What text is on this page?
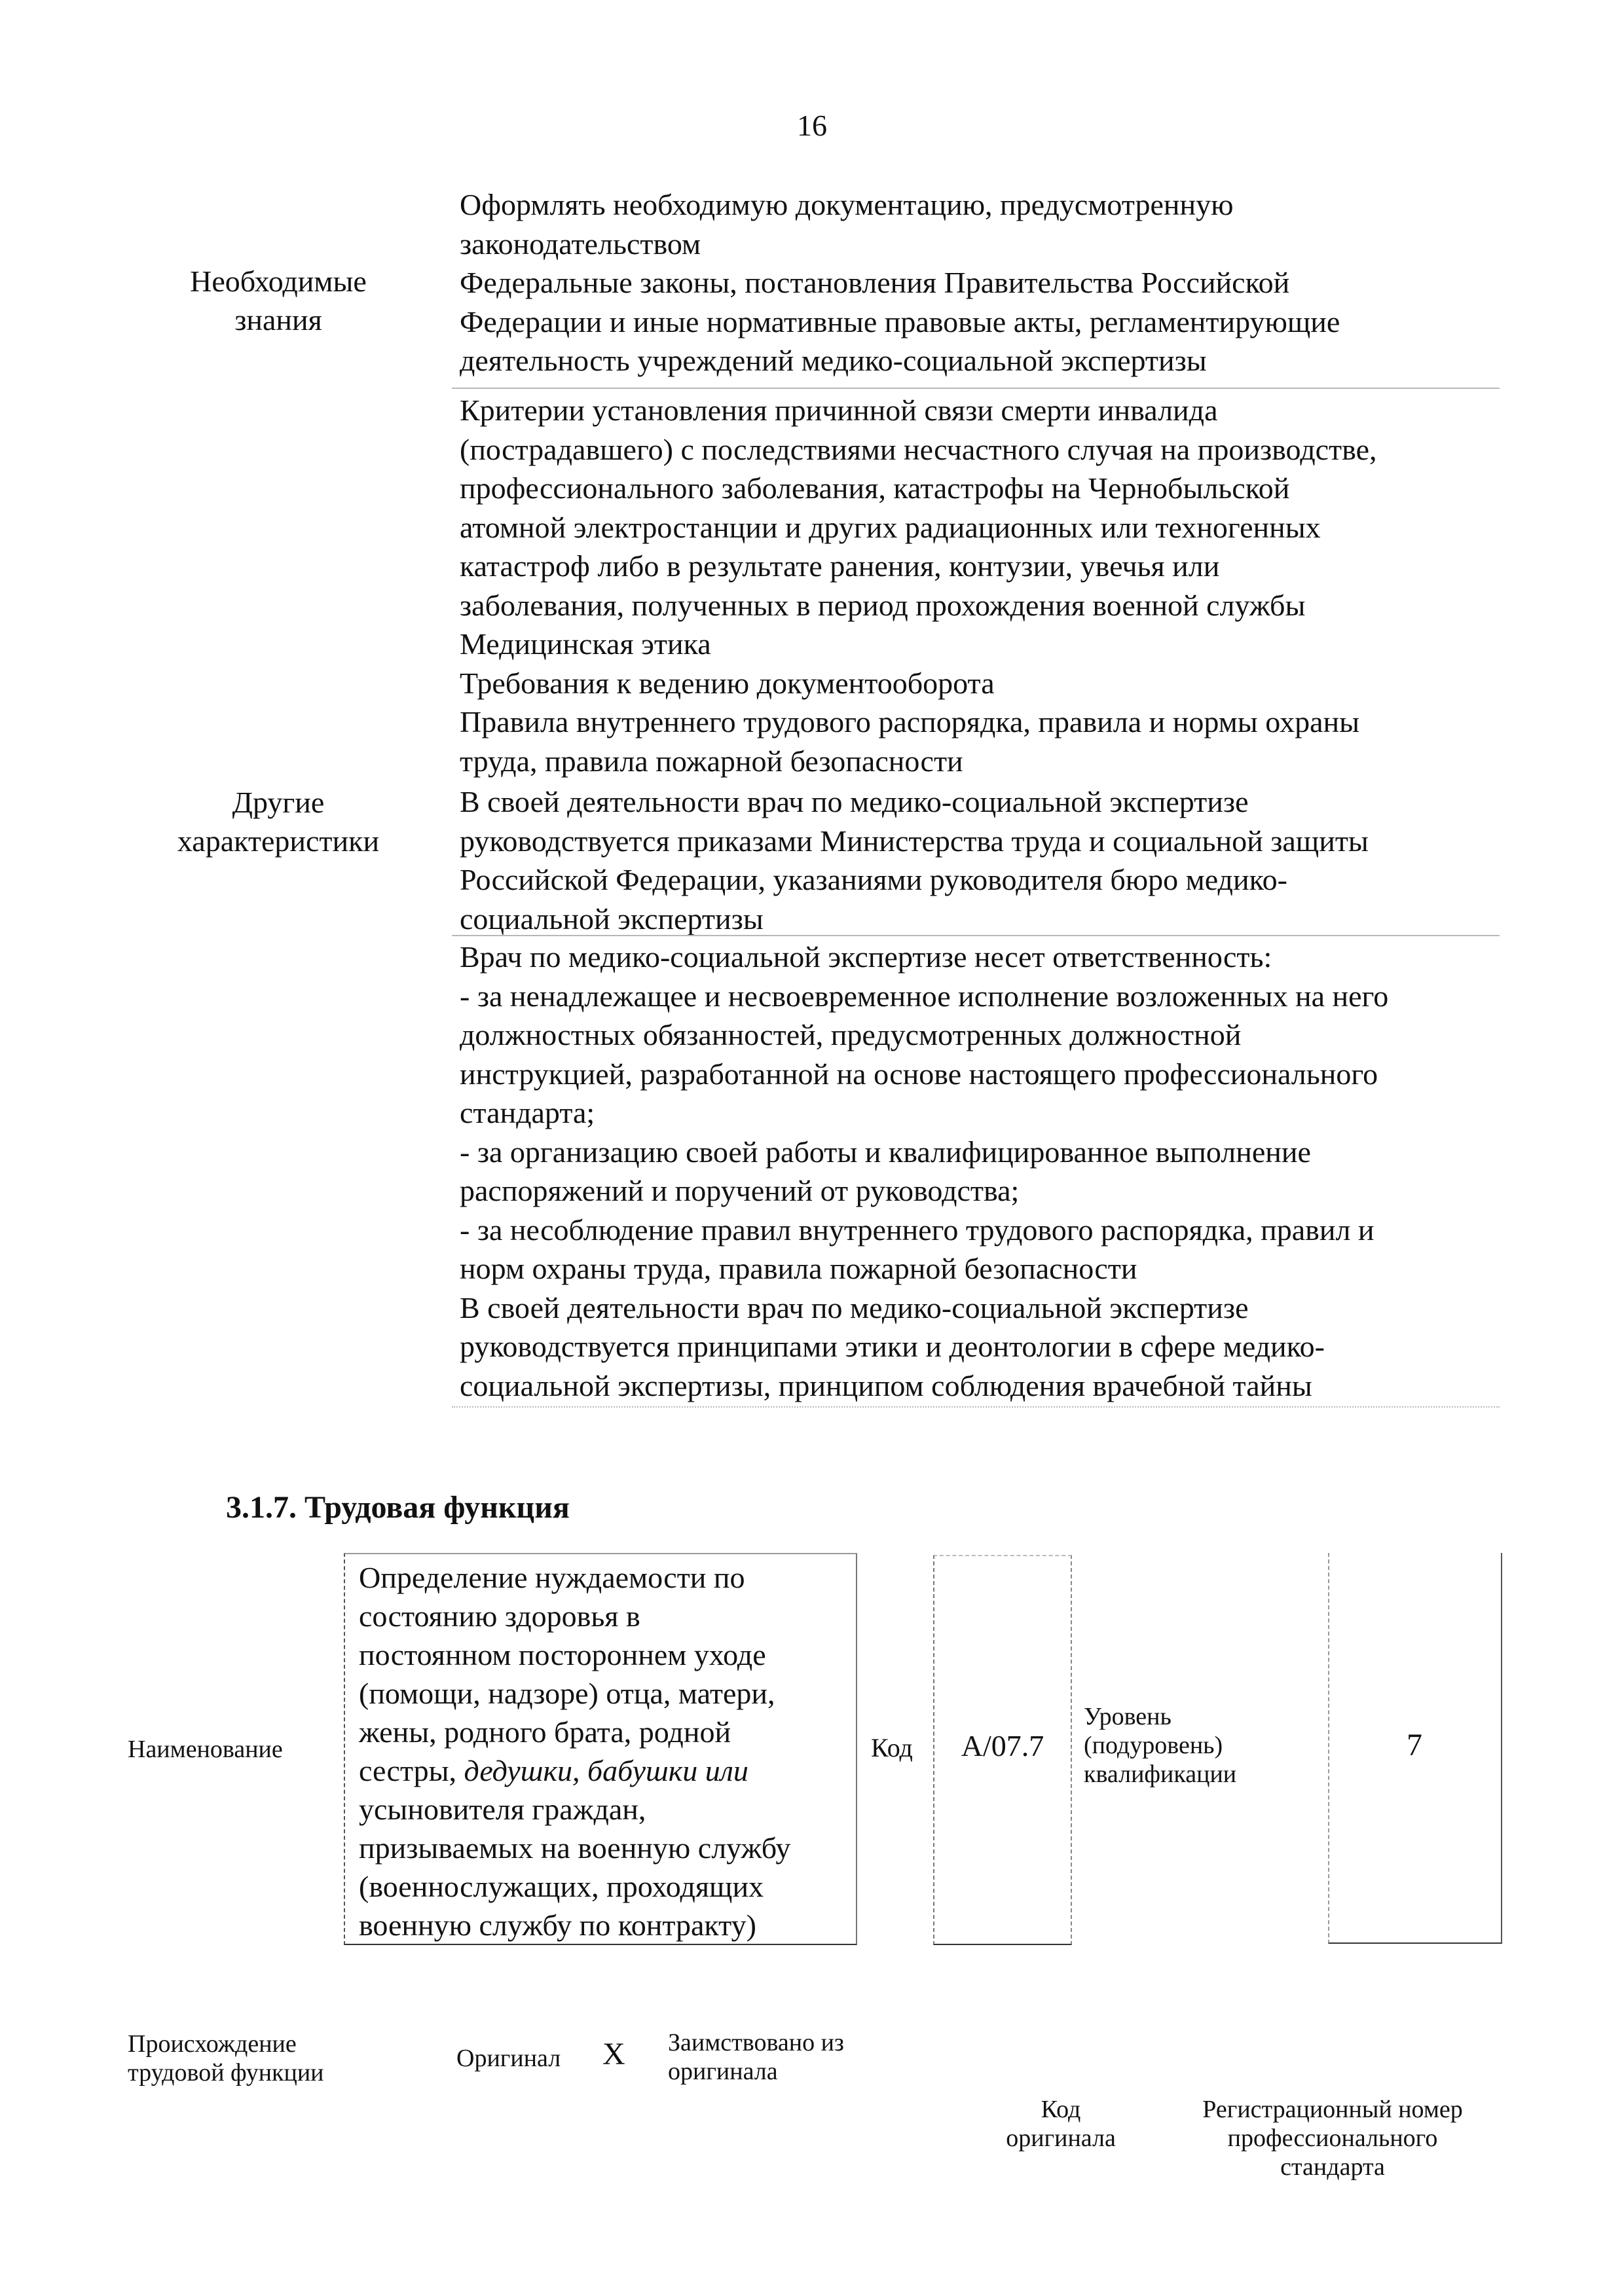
16
Оформлять необходимую документацию, предусмотренную
законодательством
Необходимые
знания
Федеральные законы, постановления Правительства Российской
Федерации и иные нормативные правовые акты, регламентирующие
деятельность учреждений медико-социальной экспертизы
Критерии установления причинной связи смерти инвалида
(пострадавшего) с последствиями несчастного случая на производстве,
профессионального заболевания, катастрофы на Чернобыльской
атомной электростанции и других радиационных или техногенных
катастроф либо в результате ранения, контузии, увечья или
заболевания, полученных в период прохождения военной службы
Медицинская этика
Требования к ведению документооборота
Правила внутреннего трудового распорядка, правила и нормы охраны
труда, правила пожарной безопасности
Другие
характеристики
В своей деятельности врач по медико-социальной экспертизе
руководствуется приказами Министерства труда и социальной защиты
Российской Федерации, указаниями руководителя бюро медико-
социальной экспертизы
Врач по медико-социальной экспертизе несет ответственность:
- за ненадлежащее и несвоевременное исполнение возложенных на него
должностных обязанностей, предусмотренных должностной
инструкцией, разработанной на основе настоящего профессионального
стандарта;
- за организацию своей работы и квалифицированное выполнение
распоряжений и поручений от руководства;
- за несоблюдение правил внутреннего трудового распорядка, правил и
норм охраны труда, правила пожарной безопасности
В своей деятельности врач по медико-социальной экспертизе
руководствуется принципами этики и деонтологии в сфере медико-
социальной экспертизы, принципом соблюдения врачебной тайны
3.1.7. Трудовая функция
Наименование
Определение нуждаемости по
состоянию здоровья в
постоянном постороннем уходе
(помощи, надзоре) отца, матери,
жены, родного брата, родной
сестры, дедушки, бабушки или
усыновителя граждан,
призываемых на военную службу
(военнослужащих, проходящих
военную службу по контракту)
Код	A/07.7
Уровень
(подуровень)
квалификации
7
Происхождение
трудовой функции
Оригинал X Заимствовано из
оригинала
Код
оригинала
Регистрационный номер
профессионального
стандарта
